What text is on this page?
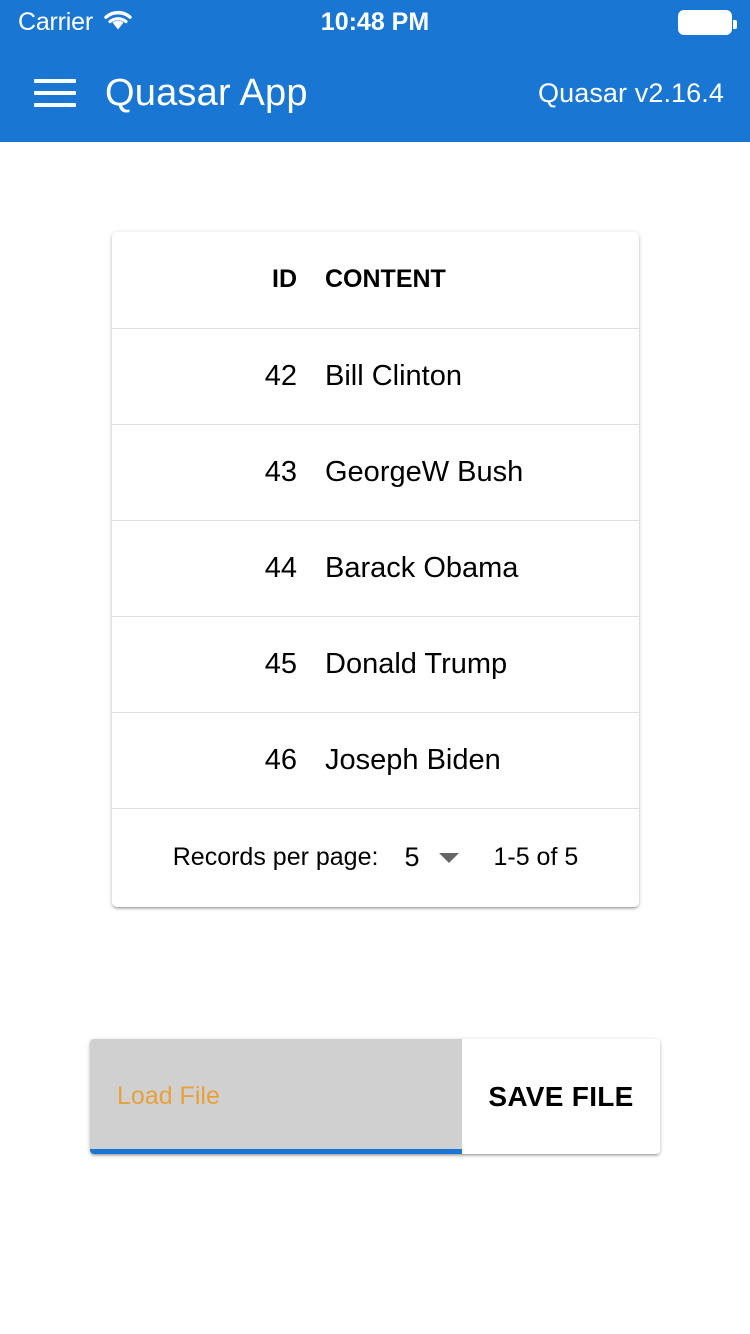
Carrier	10:48 PM
Quasar App	Quasar v2.16.4
ID	CONTENT
42	Bill Clinton
43	GeorgeW Bush
44	Barack Obama
45	Donald Trump
46	Joseph Biden
Records per page: 5	1-5 of 5
Load File	SAVE FILE
